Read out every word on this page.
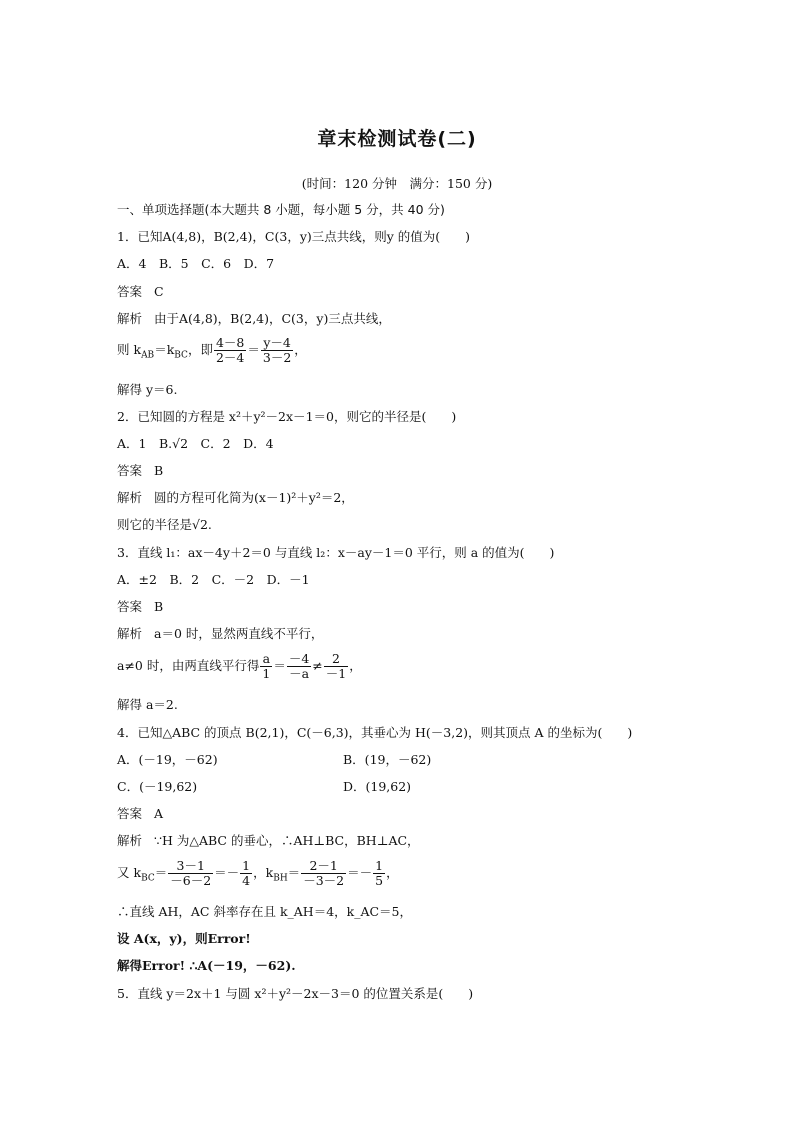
章末检测试卷(二)
(时间：120 分钟　满分：150 分)
一、单项选择题(本大题共 8 小题，每小题 5 分，共 40 分)
1．已知A(4,8)，B(2,4)，C(3，y)三点共线，则y 的值为(　　)
A．4　B．5　C．6　D．7
答案 C
解析 由于A(4,8)，B(2,4)，C(3，y)三点共线，
则 $k_{AB}=k_{BC}$，即 $\frac{4-8}{2-4} = \frac{y-4}{3-2}$ ，
解得 y＝6.
2．已知圆的方程是 x²＋y²－2x－1＝0，则它的半径是(　　)
A．1　B.√2　C．2　D．4
答案 B
解析 圆的方程可化简为(x－1)²＋y²＝2，
则它的半径是√2.
3．直线 l₁：ax－4y＋2＝0 与直线 l₂：x－ay－1＝0 平行，则 a 的值为(　　)
A．±2　B．2　C．－2　D．－1
答案 B
解析 a＝0 时，显然两直线不平行，
a≠0 时，由两直线平行得 $\frac{a}{1} = \frac{-4}{-a} \ne \frac{2}{-1}$ ，
解得 a＝2.
4．已知△ABC 的顶点 B(2,1)，C(－6,3)，其垂心为 H(－3,2)，则其顶点 A 的坐标为(　　)
A．(－19，－62)	B．(19，－62)
C．(－19,62)	D．(19,62)
答案 A
解析 ∵H 为△ABC 的垂心，∴AH⊥BC，BH⊥AC，
又 $k_{BC}= \frac{3-1}{-6-2} =- \frac{1}{4}$ ，$k_{BH}= \frac{2-1}{-3-2} =- \frac{1}{5}$ ，
∴直线 AH，AC 斜率存在且 k_AH＝4，k_AC＝5，
设 A(x，y)，则Error!
解得Error! ∴A(－19，－62).
5．直线 y＝2x＋1 与圆 x²＋y²－2x－3＝0 的位置关系是(　　)
